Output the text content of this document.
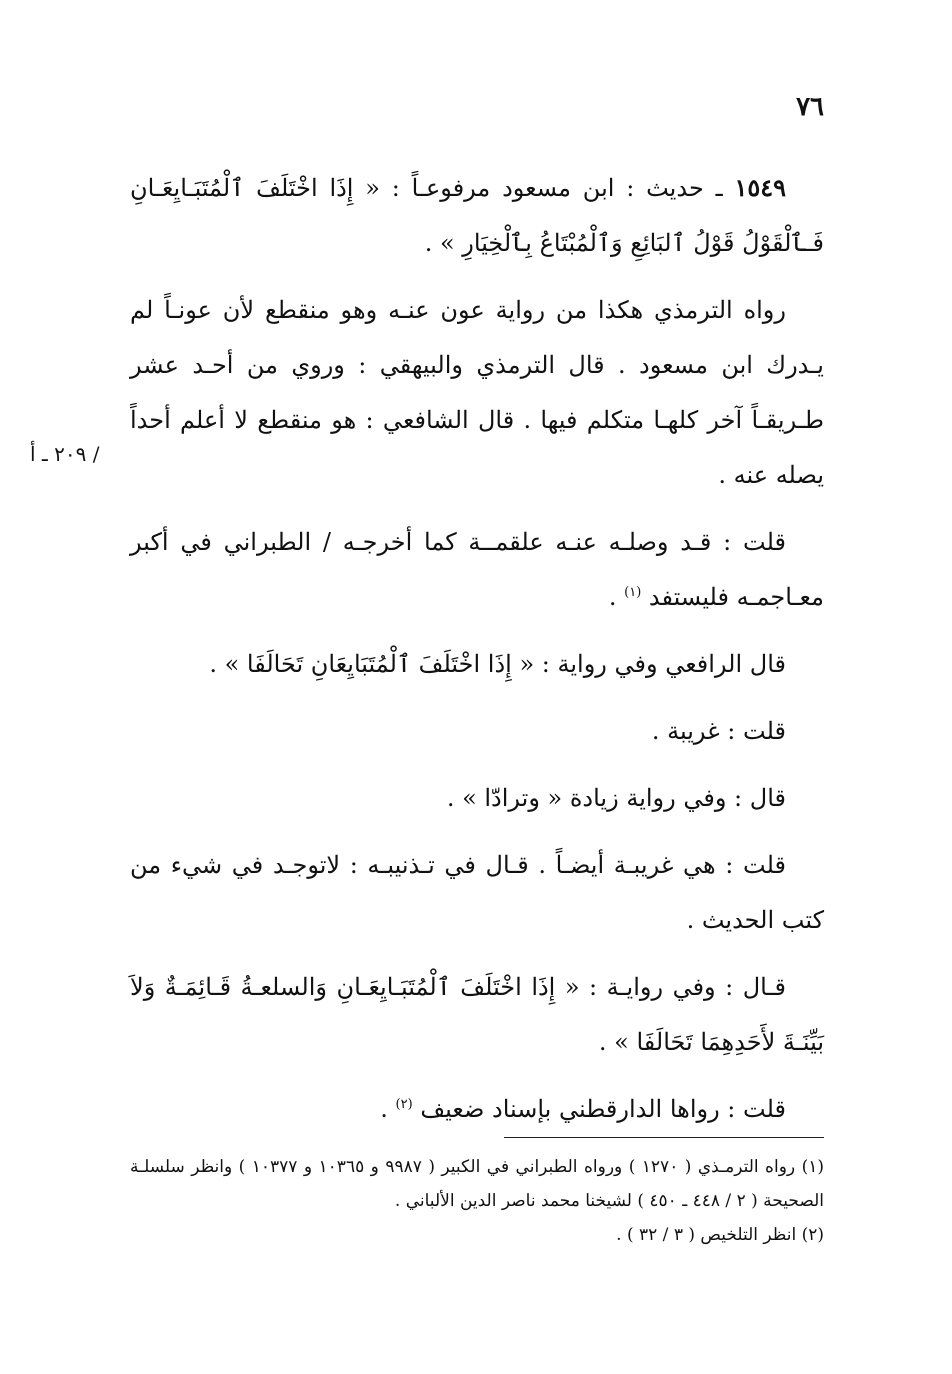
٧٦
/ ٢٠٩ ـ أ

١٥٤٩ ـ حديث : ابن مسعود مرفوعـاً : « إِذَا اخْتَلَفَ ٱلْمُتَبَـايِعَـانِ فَـٱلْقَوْلُ قَوْلُ ٱلبَائِعِ وَٱلْمُبْتَاعُ بِٱلْخِيَارِ » .

رواه الترمذي هكذا من رواية عون عنـه وهو منقطع لأن عونـاً لم يـدرك ابن مسعود . قال الترمذي والبيهقي : وروي من أحـد عشر طـريقـاً آخر كلهـا متكلم فيها . قال الشافعي : هو منقطع لا أعلم أحداً يصله عنه .

قلت : قـد وصلـه عنـه علقمــة كما أخرجـه / الطبراني في أكبر معـاجمـه فليستفد $^{(١)}$ .

قال الرافعي وفي رواية : « إِذَا اخْتَلَفَ ٱلْمُتَبَايِعَانِ تَحَالَفَا » .

قلت : غريبة .

قال : وفي رواية زيادة « وترادّا » .

قلت : هي غريبـة أيضـاً . قـال في تـذنيبـه : لاتوجـد في شيء من كتب الحديث .

قـال : وفي روايـة : « إِذَا اخْتَلَفَ ٱلْمُتَبَـايِعَـانِ وَالسلعـةُ قَـائِمَـةٌ وَلاَ بَيِّنَـةَ لأَحَدِهِمَا تَحَالَفَا » .

قلت : رواها الدارقطني بإسناد ضعيف $^{(٢)}$ .

(١) رواه الترمـذي ( ١٢٧٠ ) ورواه الطبراني في الكبير ( ٩٩٨٧ و ١٠٣٦٥ و ١٠٣٧٧ ) وانظر سلسلـة الصحيحة ( ٢ / ٤٤٨ ـ ٤٥٠ ) لشيخنا محمد ناصر الدين الألباني .

(٢) انظر التلخيص ( ٣ / ٣٢ ) .
